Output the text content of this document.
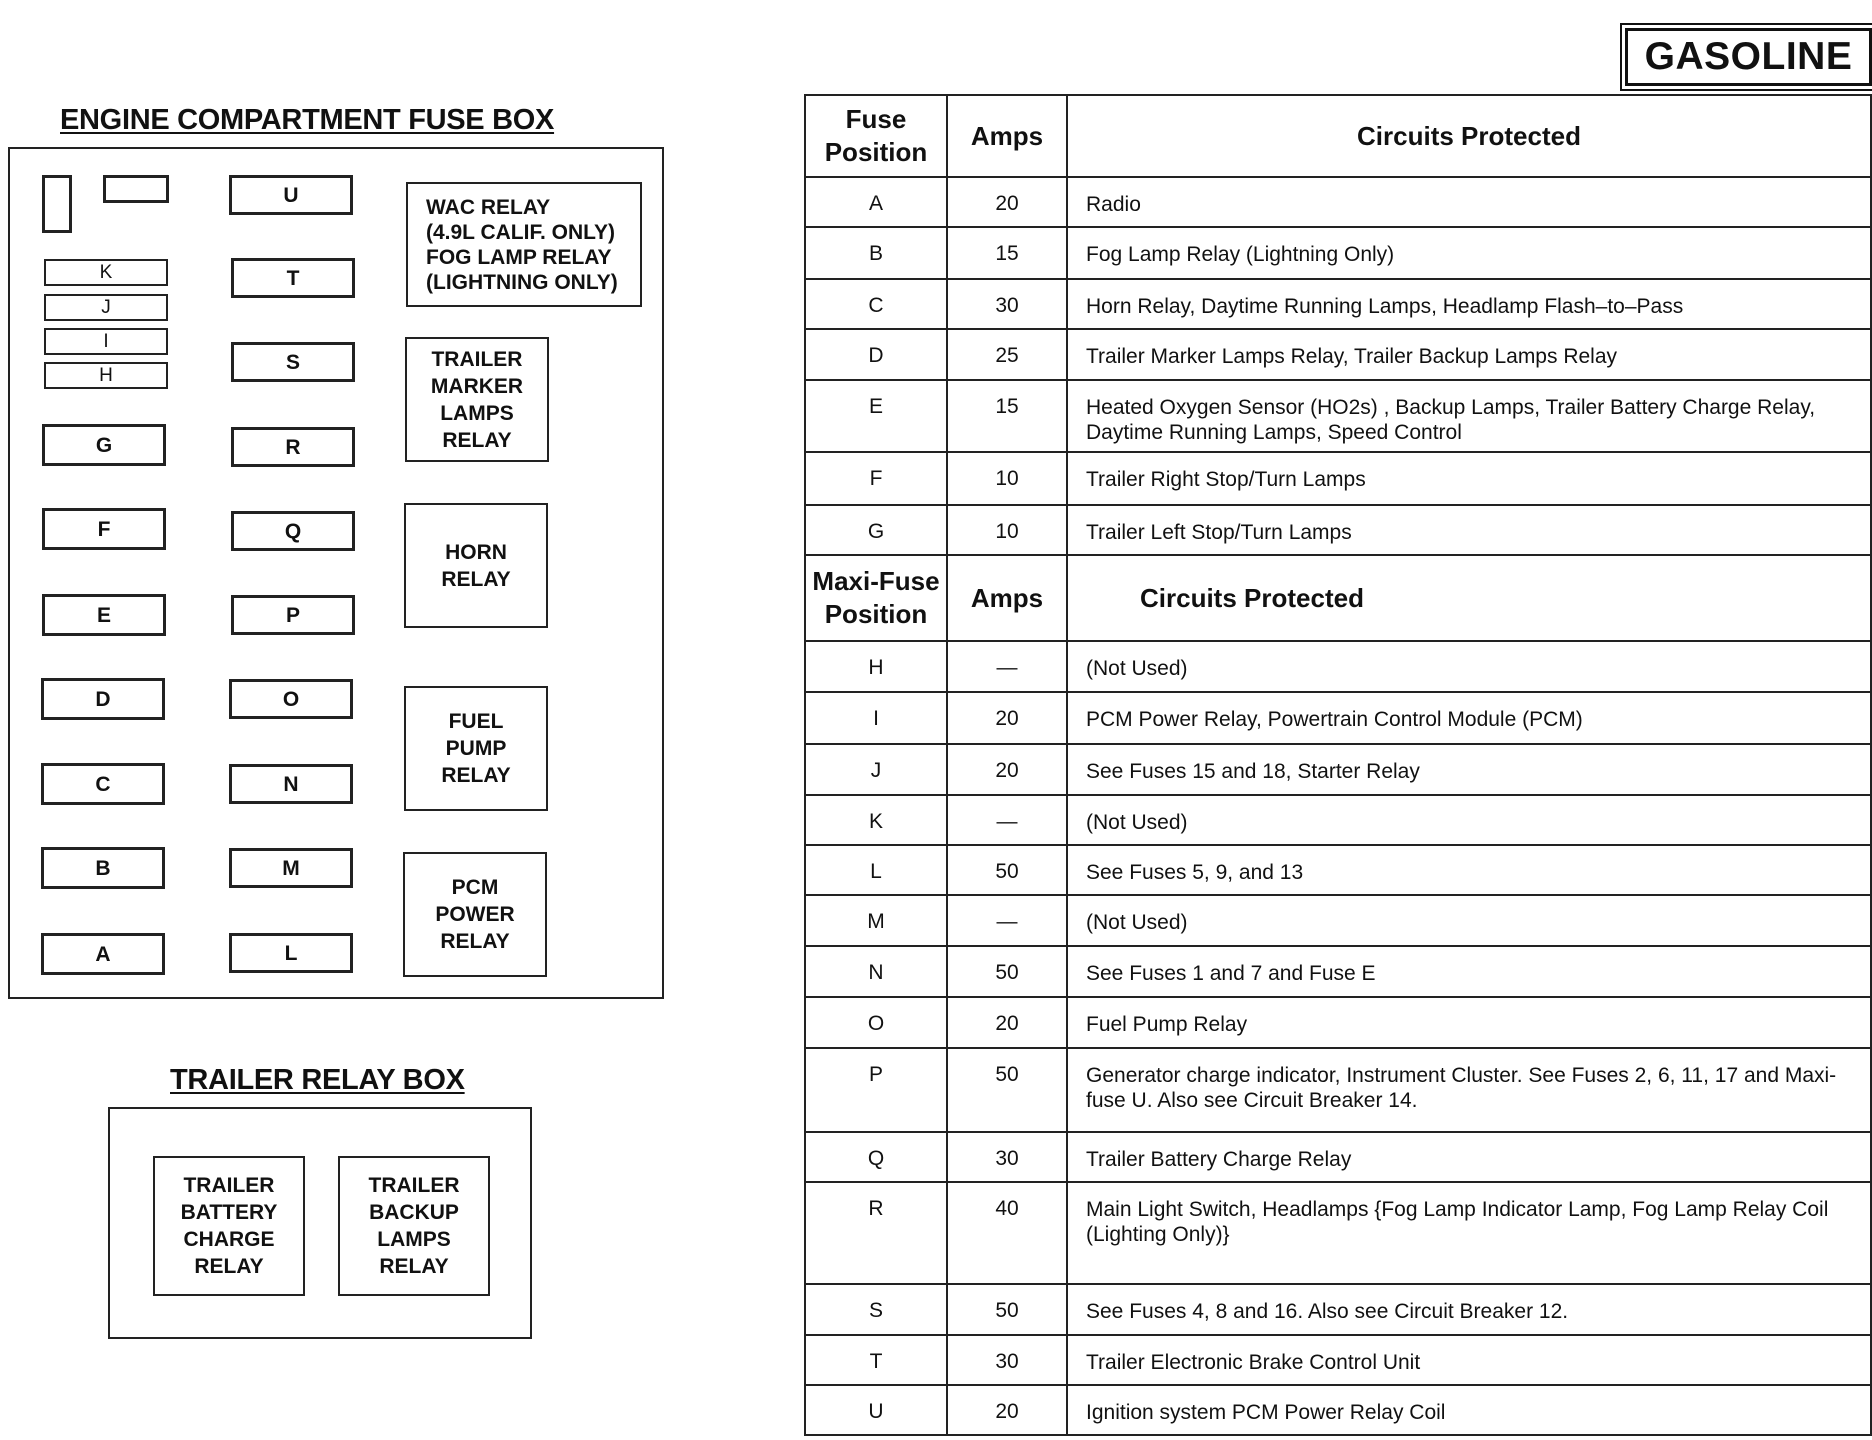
GASOLINE
ENGINE COMPARTMENT FUSE BOX
K
J
I
H
G
F
E
D
C
B
A
U
T
S
R
Q
P
O
N
M
L
WAC RELAY
(4.9L CALIF. ONLY)
FOG LAMP RELAY
(LIGHTNING ONLY)
TRAILER
MARKER
LAMPS
RELAY
HORN
RELAY
FUEL
PUMP
RELAY
PCM
POWER
RELAY
TRAILER RELAY BOX
TRAILER
BATTERY
CHARGE
RELAY
TRAILER
BACKUP
LAMPS
RELAY
Fuse
Position	Amps	Circuits Protected
A	20	Radio
B	15	Fog Lamp Relay (Lightning Only)
C	30	Horn Relay, Daytime Running Lamps, Headlamp Flash–to–Pass
D	25	Trailer Marker Lamps Relay, Trailer Backup Lamps Relay
E	15	Heated Oxygen Sensor (HO2s) , Backup Lamps, Trailer Battery Charge Relay, Daytime Running Lamps, Speed Control
F	10	Trailer Right Stop/Turn Lamps
G	10	Trailer Left Stop/Turn Lamps
Maxi-Fuse
Position	Amps	Circuits Protected
H	—	(Not Used)
I	20	PCM Power Relay, Powertrain Control Module (PCM)
J	20	See Fuses 15 and 18, Starter Relay
K	—	(Not Used)
L	50	See Fuses 5, 9, and 13
M	—	(Not Used)
N	50	See Fuses 1 and 7 and Fuse E
O	20	Fuel Pump Relay
P	50	Generator charge indicator, Instrument Cluster. See Fuses 2, 6, 11, 17 and Maxi-fuse U. Also see Circuit Breaker 14.
Q	30	Trailer Battery Charge Relay
R	40	Main Light Switch, Headlamps {Fog Lamp Indicator Lamp, Fog Lamp Relay Coil (Lighting Only)}
S	50	See Fuses 4, 8 and 16. Also see Circuit Breaker 12.
T	30	Trailer Electronic Brake Control Unit
U	20	Ignition system PCM Power Relay Coil
